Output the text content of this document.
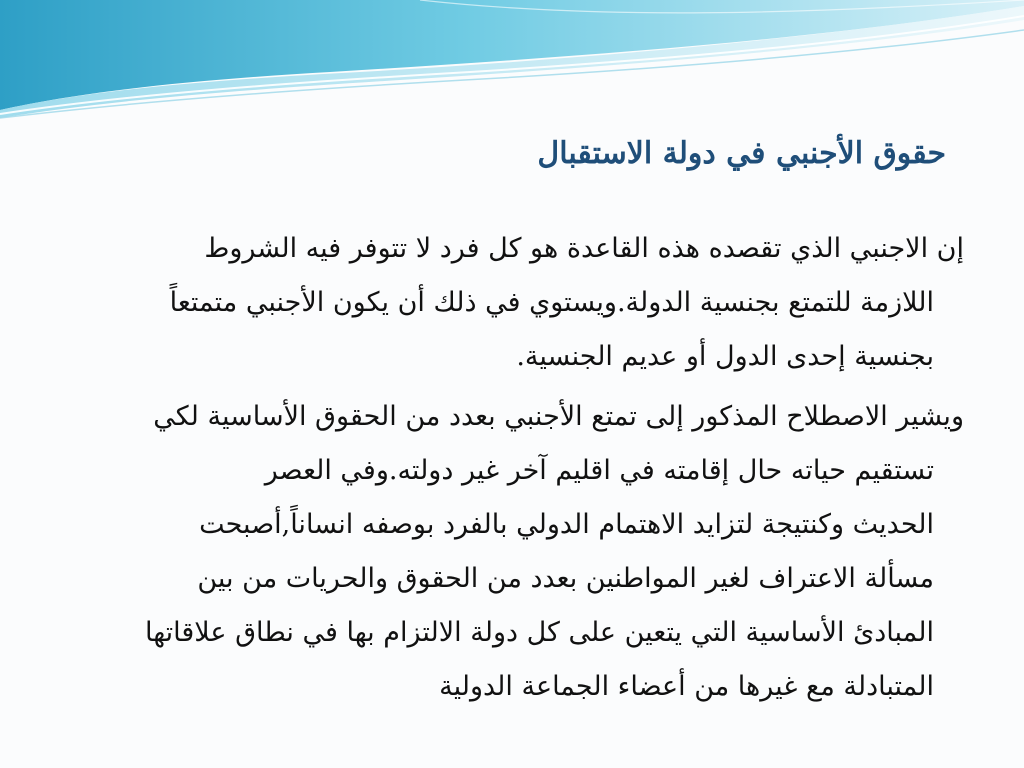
حقوق الأجنبي في دولة الاستقبال

إن الاجنبي الذي تقصده هذه القاعدة هو كل فرد لا تتوفر فيه الشروط
اللازمة للتمتع بجنسية الدولة.ويستوي في ذلك أن يكون الأجنبي متمتعاً
بجنسية إحدى الدول أو عديم الجنسية.

ويشير الاصطلاح المذكور إلى تمتع الأجنبي بعدد من الحقوق الأساسية لكي
تستقيم حياته حال إقامته في اقليم آخر غير دولته.وفي العصر
الحديث وكنتيجة لتزايد الاهتمام الدولي بالفرد بوصفه انساناً,أصبحت
مسألة الاعتراف لغير المواطنين بعدد من الحقوق والحريات من بين
المبادئ الأساسية التي يتعين على كل دولة الالتزام بها في نطاق علاقاتها
المتبادلة مع غيرها من أعضاء الجماعة الدولية
